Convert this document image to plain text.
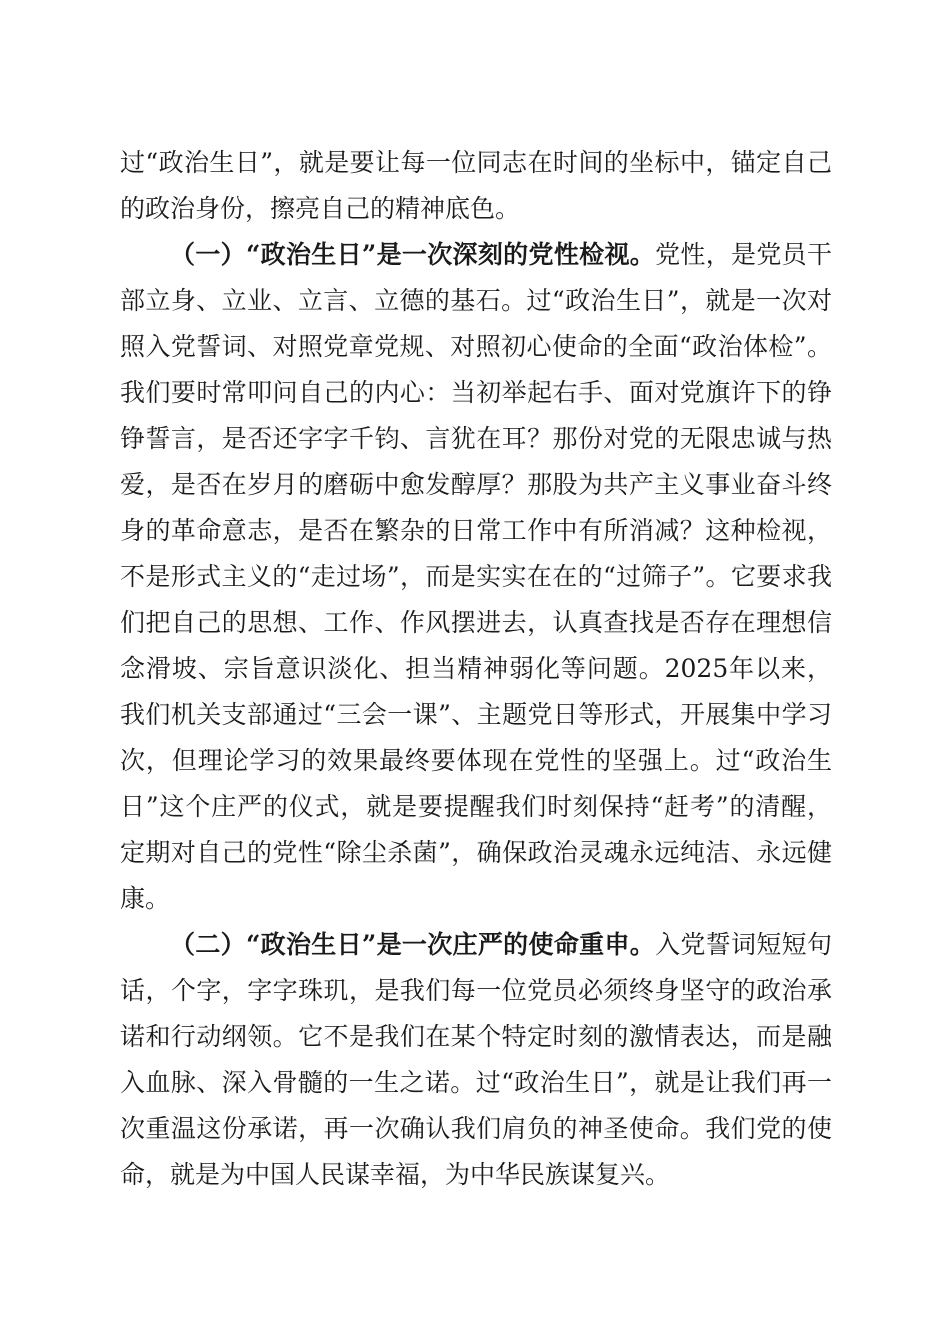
过“政治生日”，就是要让每一位同志在时间的坐标中，锚定自己的政治身份，擦亮自己的精神底色。

（一）“政治生日”是一次深刻的党性检视。党性，是党员干部立身、立业、立言、立德的基石。过“政治生日”，就是一次对照入党誓词、对照党章党规、对照初心使命的全面“政治体检”。我们要时常叩问自己的内心：当初举起右手、面对党旗许下的铮铮誓言，是否还字字千钧、言犹在耳？那份对党的无限忠诚与热爱，是否在岁月的磨砺中愈发醇厚？那股为共产主义事业奋斗终身的革命意志，是否在繁杂的日常工作中有所消减？这种检视，不是形式主义的“走过场”，而是实实在在的“过筛子”。它要求我们把自己的思想、工作、作风摆进去，认真查找是否存在理想信念滑坡、宗旨意识淡化、担当精神弱化等问题。2025年以来，我们机关支部通过“三会一课”、主题党日等形式，开展集中学习次，但理论学习的效果最终要体现在党性的坚强上。过“政治生日”这个庄严的仪式，就是要提醒我们时刻保持“赶考”的清醒，定期对自己的党性“除尘杀菌”，确保政治灵魂永远纯洁、永远健康。

（二）“政治生日”是一次庄严的使命重申。入党誓词短短句话，个字，字字珠玑，是我们每一位党员必须终身坚守的政治承诺和行动纲领。它不是我们在某个特定时刻的激情表达，而是融入血脉、深入骨髓的一生之诺。过“政治生日”，就是让我们再一次重温这份承诺，再一次确认我们肩负的神圣使命。我们党的使命，就是为中国人民谋幸福，为中华民族谋复兴。
